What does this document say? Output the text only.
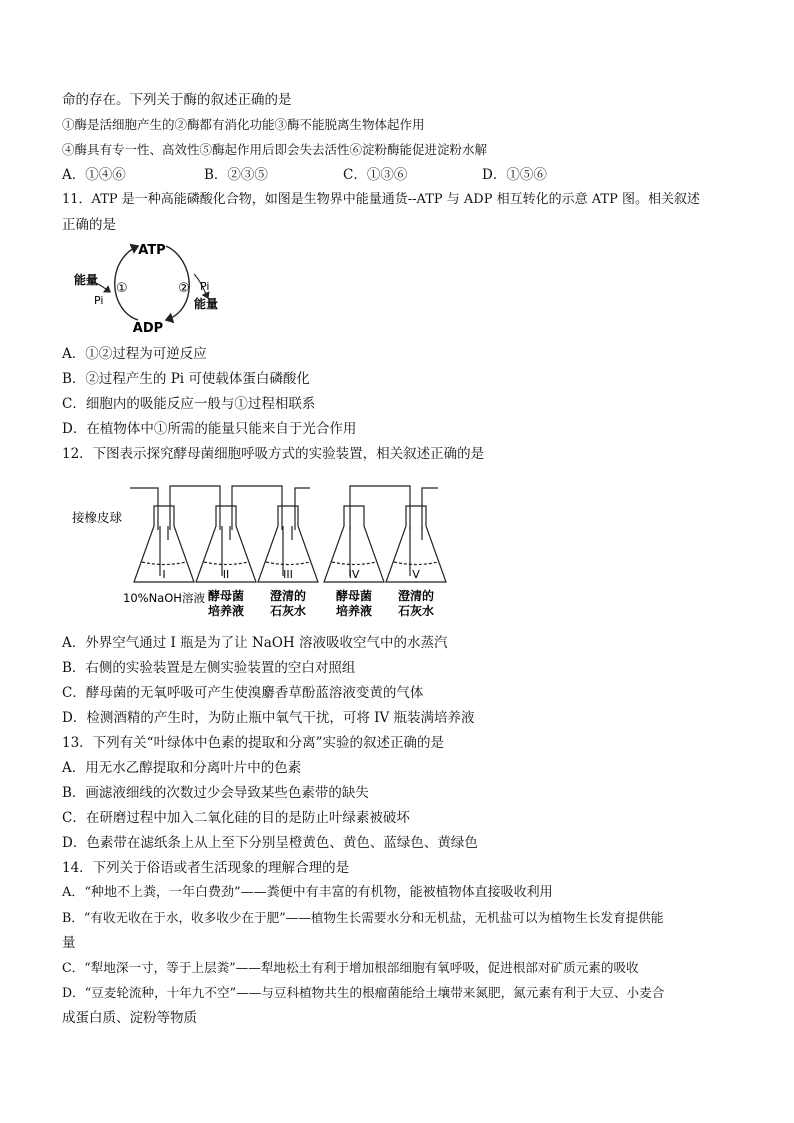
命的存在。下列关于酶的叙述正确的是
①酶是活细胞产生的②酶都有消化功能③酶不能脱离生物体起作用
④酶具有专一性、高效性⑤酶起作用后即会失去活性⑥淀粉酶能促进淀粉水解
A．①④⑥	B．②③⑤	C．①③⑥	D．①⑤⑥
11．ATP 是一种高能磷酸化合物，如图是生物界中能量通货--ATP 与 ADP 相互转化的示意 ATP 图。相关叙述
正确的是
ATP
ADP
能量
Pi
①	② Pi
能量
A．①②过程为可逆反应
B．②过程产生的 Pi 可使载体蛋白磷酸化
C．细胞内的吸能反应一般与①过程相联系
D．在植物体中①所需的能量只能来自于光合作用
12．下图表示探究酵母菌细胞呼吸方式的实验装置，相关叙述正确的是
接橡皮球
I	II	III	IV	V
10%NaOH溶液 酵母菌
培养液
澄清的
石灰水
酵母菌
培养液
澄清的
石灰水
A．外界空气通过 I 瓶是为了让 NaOH 溶液吸收空气中的水蒸汽
B．右侧的实验装置是左侧实验装置的空白对照组
C．酵母菌的无氧呼吸可产生使溴麝香草酚蓝溶液变黄的气体
D．检测酒精的产生时，为防止瓶中氧气干扰，可将 IV 瓶装满培养液
13．下列有关“叶绿体中色素的提取和分离”实验的叙述正确的是
A．用无水乙醇提取和分离叶片中的色素
B．画滤液细线的次数过少会导致某些色素带的缺失
C．在研磨过程中加入二氧化硅的目的是防止叶绿素被破坏
D．色素带在滤纸条上从上至下分别呈橙黄色、黄色、蓝绿色、黄绿色
14．下列关于俗语或者生活现象的理解合理的是
A．“种地不上粪，一年白费劲”——粪便中有丰富的有机物，能被植物体直接吸收利用
B．“有收无收在于水，收多收少在于肥”——植物生长需要水分和无机盐，无机盐可以为植物生长发育提供能
量
C．“犁地深一寸，等于上层粪”——犁地松土有利于增加根部细胞有氧呼吸，促进根部对矿质元素的吸收
D．“豆麦轮流种，十年九不空”——与豆科植物共生的根瘤菌能给土壤带来氮肥，氮元素有利于大豆、小麦合
成蛋白质、淀粉等物质
